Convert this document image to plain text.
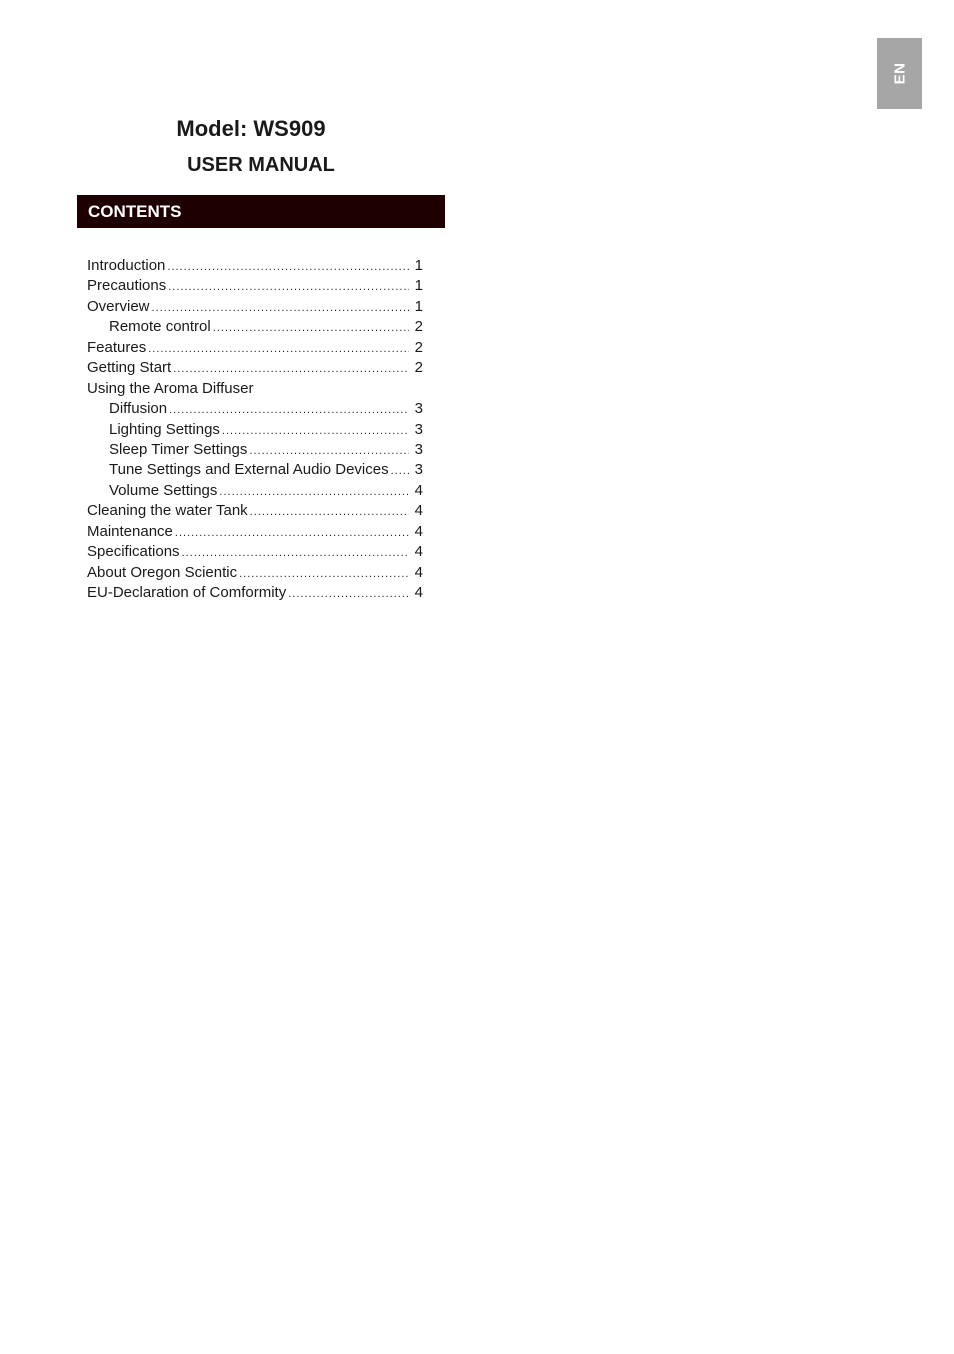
EN
Model: WS909
USER MANUAL
CONTENTS
Introduction .....	1
Precautions .....	1
Overview .....	1
Remote control .....	2
Features .....	2
Getting Start .....	2
Using the Aroma Diffuser
Diffusion .....	3
Lighting Settings .....	3
Sleep Timer Settings .....	3
Tune Settings and External Audio Devices ..... 3
Volume Settings .....	4
Cleaning the water Tank .....	4
Maintenance .....	4
Specifications .....	4
About Oregon Scientic .....	4
EU-Declaration of Comformity .....	4
